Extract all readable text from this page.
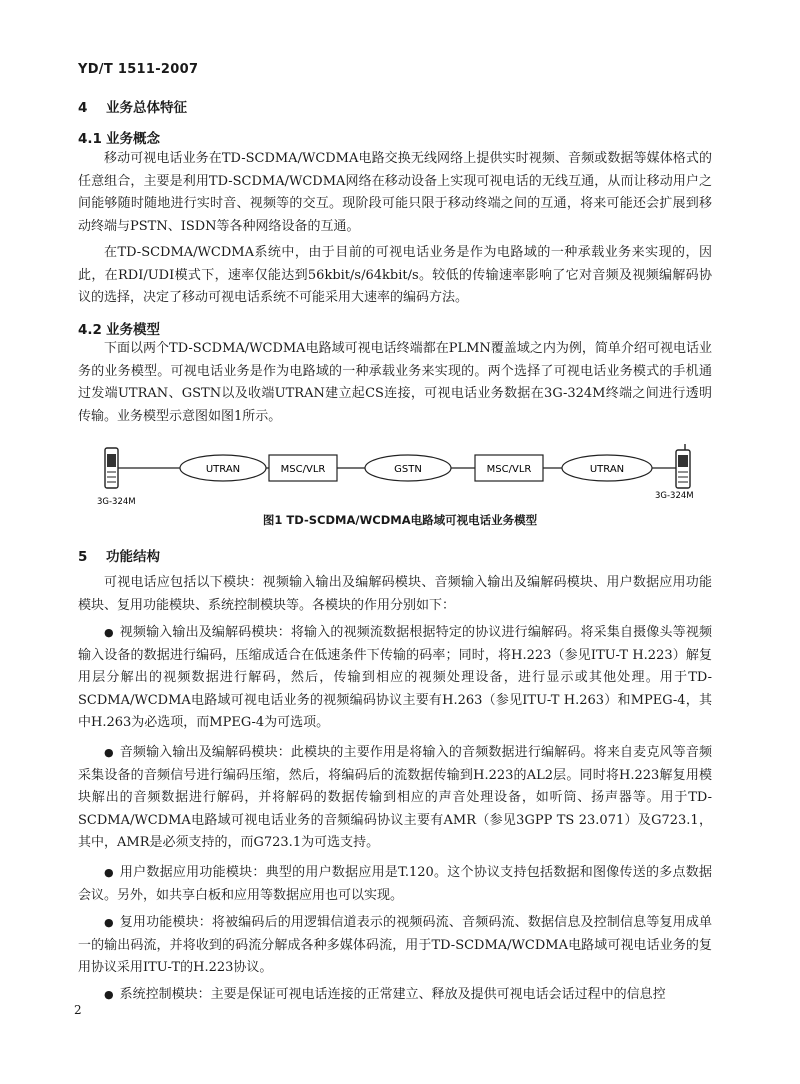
YD/T 1511-2007
4 业务总体特征
4.1 业务概念

移动可视电话业务在TD-SCDMA/WCDMA电路交换无线网络上提供实时视频、音频或数据等媒体格式的任意组合，主要是利用TD-SCDMA/WCDMA网络在移动设备上实现可视电话的无线互通，从而让移动用户之间能够随时随地进行实时音、视频等的交互。现阶段可能只限于移动终端之间的互通，将来可能还会扩展到移动终端与PSTN、ISDN等各种网络设备的互通。

在TD-SCDMA/WCDMA系统中，由于目前的可视电话业务是作为电路域的一种承载业务来实现的，因此，在RDI/UDI模式下，速率仅能达到56kbit/s/64kbit/s。较低的传输速率影响了它对音频及视频编解码协议的选择，决定了移动可视电话系统不可能采用大速率的编码方法。

4.2 业务模型

下面以两个TD-SCDMA/WCDMA电路域可视电话终端都在PLMN覆盖域之内为例，简单介绍可视电话业务的业务模型。可视电话业务是作为电路域的一种承载业务来实现的。两个选择了可视电话业务模式的手机通过发端UTRAN、GSTN以及收端UTRAN建立起CS连接，可视电话业务数据在3G-324M终端之间进行透明传输。业务模型示意图如图1所示。

UTRAN	MSC/VLR	GSTN	MSC/VLR	UTRAN
3G-324M
3G-324M
图1 TD-SCDMA/WCDMA电路域可视电话业务模型
5 功能结构

可视电话应包括以下模块：视频输入输出及编解码模块、音频输入输出及编解码模块、用户数据应用功能模块、复用功能模块、系统控制模块等。各模块的作用分别如下：

● 视频输入输出及编解码模块：将输入的视频流数据根据特定的协议进行编解码。将采集自摄像头等视频输入设备的数据进行编码，压缩成适合在低速条件下传输的码率；同时，将H.223（参见ITU-T H.223）解复用层分解出的视频数据进行解码，然后，传输到相应的视频处理设备，进行显示或其他处理。用于TD-SCDMA/WCDMA电路域可视电话业务的视频编码协议主要有H.263（参见ITU-T H.263）和MPEG-4，其中H.263为必选项，而MPEG-4为可选项。

● 音频输入输出及编解码模块：此模块的主要作用是将输入的音频数据进行编解码。将来自麦克风等音频采集设备的音频信号进行编码压缩，然后，将编码后的流数据传输到H.223的AL2层。同时将H.223解复用模块解出的音频数据进行解码，并将解码的数据传输到相应的声音处理设备，如听筒、扬声器等。用于TD-SCDMA/WCDMA电路域可视电话业务的音频编码协议主要有AMR（参见3GPP TS 23.071）及G723.1，其中，AMR是必须支持的，而G723.1为可选支持。

● 用户数据应用功能模块：典型的用户数据应用是T.120。这个协议支持包括数据和图像传送的多点数据会议。另外，如共享白板和应用等数据应用也可以实现。

● 复用功能模块：将被编码后的用逻辑信道表示的视频码流、音频码流、数据信息及控制信息等复用成单一的输出码流，并将收到的码流分解成各种多媒体码流，用于TD-SCDMA/WCDMA电路域可视电话业务的复用协议采用ITU-T的H.223协议。

● 系统控制模块：主要是保证可视电话连接的正常建立、释放及提供可视电话会话过程中的信息控

2
